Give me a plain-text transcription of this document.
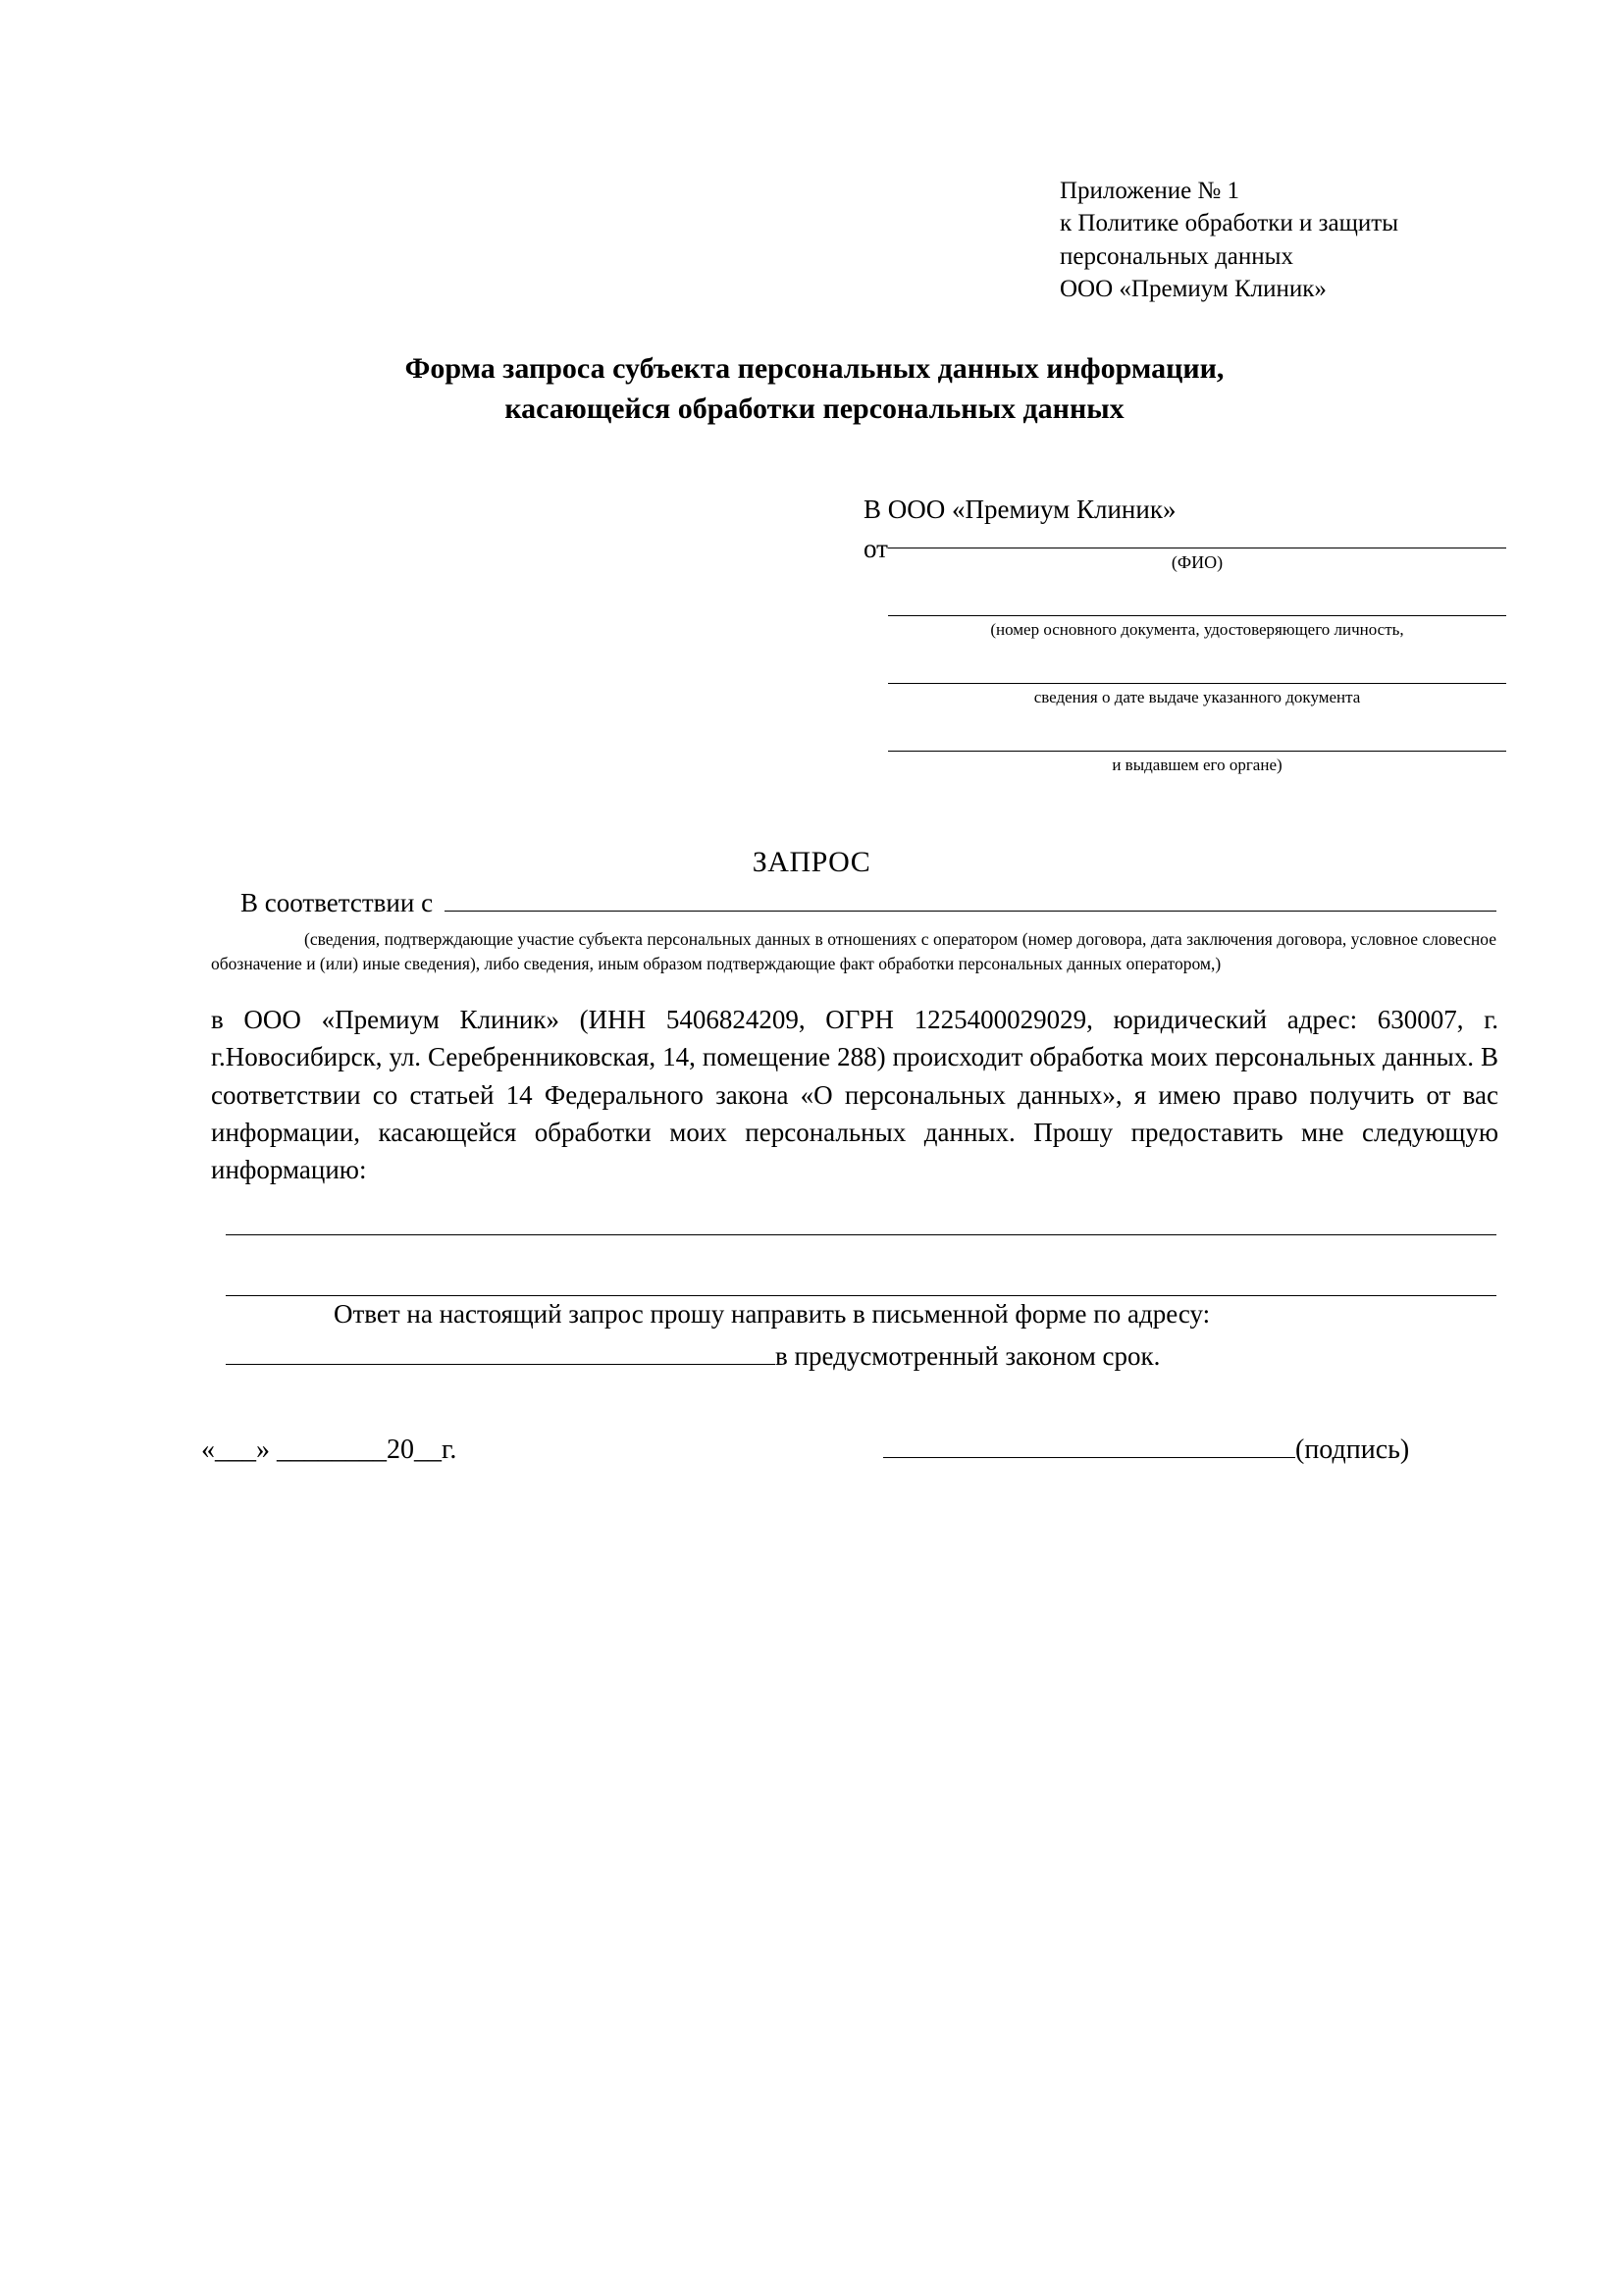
Приложение № 1
к Политике обработки и защиты
персональных данных
ООО «Премиум Клиник»
Форма запроса субъекта персональных данных информации,
касающейся обработки персональных данных
В ООО «Премиум Клиник»
от	(ФИО)
(номер основного документа, удостоверяющего личность,
сведения о дате выдаче указанного документа
и выдавшем его органе)
ЗАПРОС
В соответствии с
(сведения, подтверждающие участие субъекта персональных данных в отношениях с оператором (номер договора, дата заключения договора, условное словесное обозначение и (или) иные сведения), либо сведения, иным образом подтверждающие факт обработки персональных данных оператором,)
в ООО «Премиум Клиник» (ИНН 5406824209, ОГРН 1225400029029, юридический адрес: 630007, г. г.Новосибирск, ул. Серебренниковская, 14, помещение 288) происходит обработка моих персональных данных. В соответствии со статьей 14 Федерального закона «О персональных данных», я имею право получить от вас информации, касающейся обработки моих персональных данных. Прошу предоставить мне следующую информацию:
Ответ на настоящий запрос прошу направить в письменной форме по адресу:
в предусмотренный законом срок.
«___» ________20__г.	(подпись)
